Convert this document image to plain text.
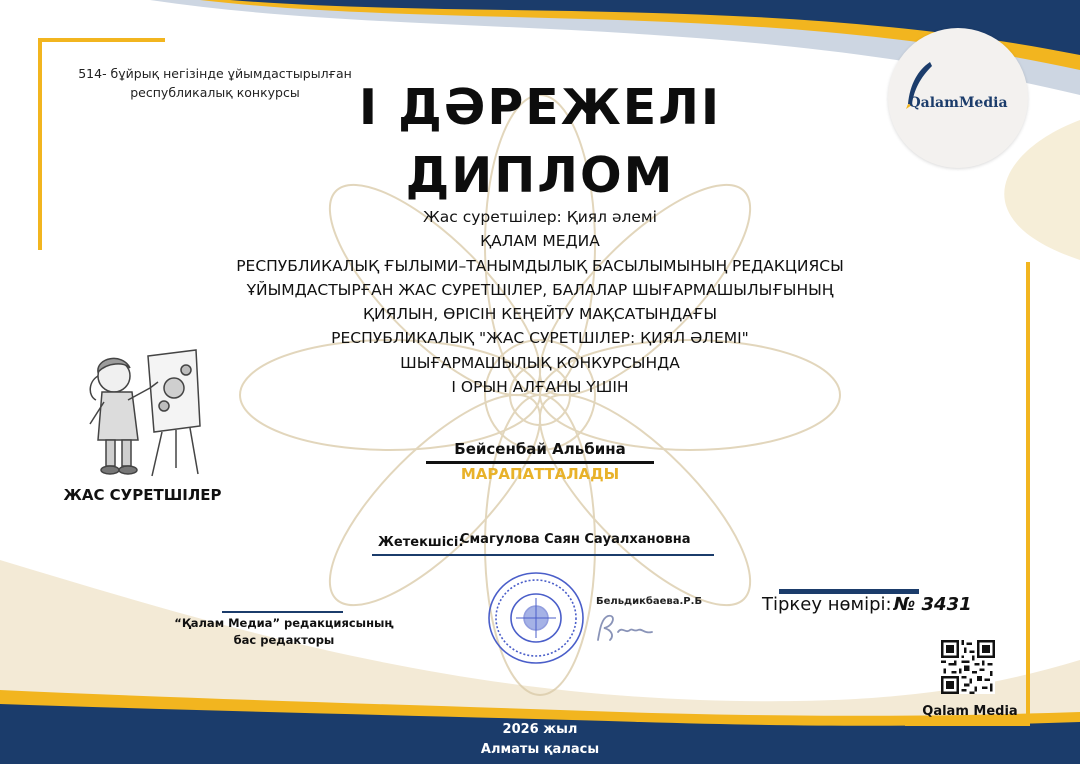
514- бұйрық негізінде ұйымдастырылған
республикалық конкурсы	І ДӘРЕЖЕЛІ
ДИПЛОМ
QalamMedia
Жас суретшілер: Қиял әлемі
ҚАЛАМ МЕДИА
РЕСПУБЛИКАЛЫҚ ҒЫЛЫМИ–ТАНЫМДЫЛЫҚ БАСЫЛЫМЫНЫҢ РЕДАКЦИЯСЫ
ҰЙЫМДАСТЫРҒАН ЖАС СУРЕТШІЛЕР, БАЛАЛАР ШЫҒАРМАШЫЛЫҒЫНЫҢ
ҚИЯЛЫН, ӨРІСІН КЕҢЕЙТУ МАҚСАТЫНДАҒЫ
РЕСПУБЛИКАЛЫҚ "ЖАС СУРЕТШІЛЕР: ҚИЯЛ ӘЛЕМІ"
ШЫҒАРМАШЫЛЫҚ КОНКУРСЫНДА
І ОРЫН АЛҒАНЫ ҮШІН
ЖАС СУРЕТШІЛЕР
Бейсенбай Альбина
МАРАПАТТАЛАДЫ
Жетекшісі:
Смагулова Саян Сауалхановна
“Қалам Медиа” редакциясының
бас редакторы
Бельдикбаева.Р.Б	Тіркеу нөмірі: № 3431
Qalam Media
2026 жыл
Алматы қаласы
